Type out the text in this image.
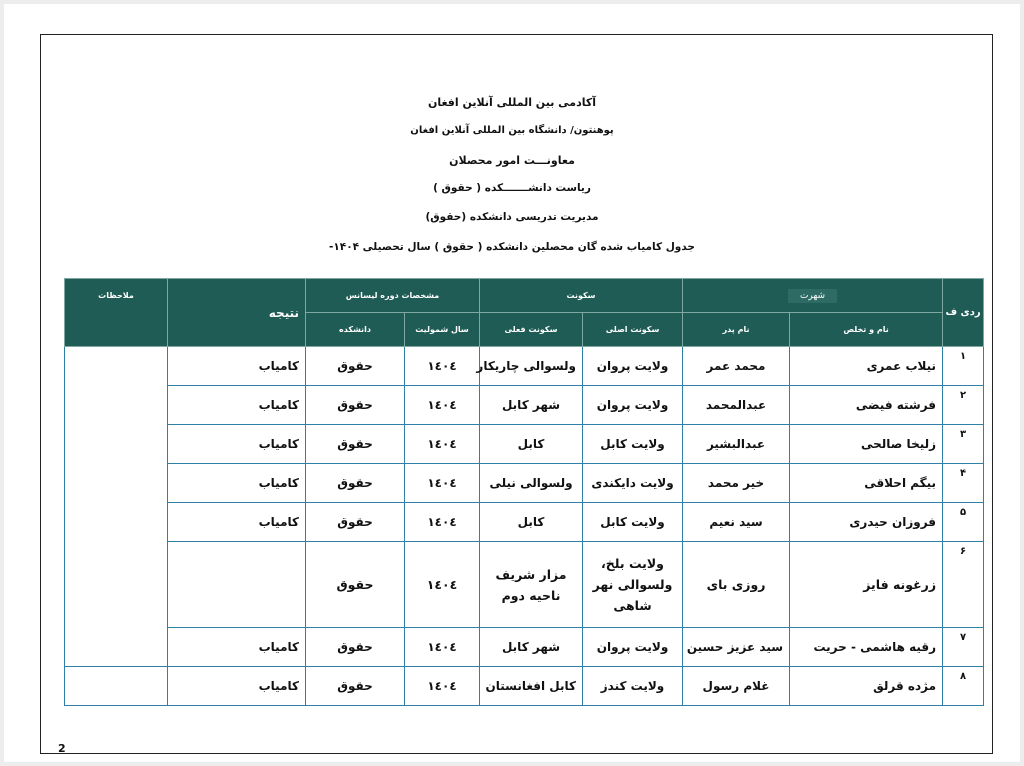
آکادمی بین المللی آنلاین افغان
پوهنتون/ دانشگاه بین المللی آنلاین افغان
معاونـــت امور محصلان
ریاست دانشـــــــکده ( حقوق )
مدیریت تدریسی دانشکده (حقوق)
جدول کامیاب شده گان محصلین دانشکده ( حقوق ) سال تحصیلی ۱۴۰۴-
ردی ف	شهرت		سکونت		مشخصات دوره لیسانس		نتیجه	ملاحظات
	نام و تخلص	نام پدر	سکونت اصلی	سکونت فعلی	سال شمولیت	دانشکده		
۱	نیلاب عمری	محمد عمر	ولایت پروان	ولسوالی چاریکار	۱٤۰٤	حقوق	کامیاب	
۲	فرشته فیضی	عبدالمحمد	ولایت پروان	شهر کابل	۱٤۰٤	حقوق	کامیاب	
۳	زلیخا صالحی	عبدالبشیر	ولایت کابل	کابل	۱٤۰٤	حقوق	کامیاب	
۴	بیگم احلاقی	خیر محمد	ولایت دایکندی	ولسوالی نیلی	۱٤۰٤	حقوق	کامیاب	
۵	فروزان حیدری	سید نعیم	ولایت کابل	کابل	۱٤۰٤	حقوق	کامیاب	
۶	زرغونه فایز	روزی بای	ولایت بلخ، ولسوالی نهر شاهی	مزار شریف ناحیه دوم	۱٤۰٤	حقوق		
۷	رقیه هاشمی - حریت	سید عزیز حسین	ولایت پروان	شهر کابل	۱٤۰٤	حقوق	کامیاب	
۸	مژده قرلق	غلام رسول	ولایت کندز	کابل افغانستان	۱٤۰٤	حقوق	کامیاب	
2
